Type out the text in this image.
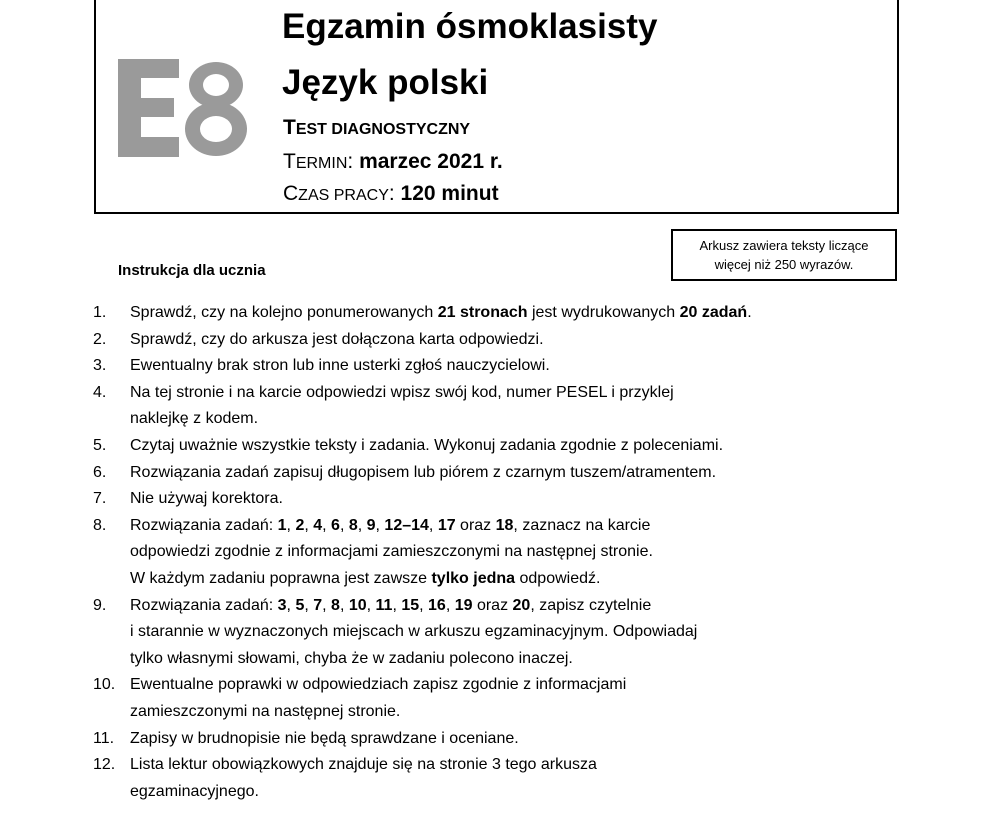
Egzamin ósmoklasisty
Język polski
TEST DIAGNOSTYCZNY
TERMIN: marzec 2021 r.
CZAS PRACY: 120 minut
Arkusz zawiera teksty liczące
więcej niż 250 wyrazów.
Instrukcja dla ucznia
1.	Sprawdź, czy na kolejno ponumerowanych 21 stronach jest wydrukowanych 20 zadań.
2.	Sprawdź, czy do arkusza jest dołączona karta odpowiedzi.
3.	Ewentualny brak stron lub inne usterki zgłoś nauczycielowi.
4.	Na tej stronie i na karcie odpowiedzi wpisz swój kod, numer PESEL i przyklej
naklejkę z kodem.
5.	Czytaj uważnie wszystkie teksty i zadania. Wykonuj zadania zgodnie z poleceniami.
6.	Rozwiązania zadań zapisuj długopisem lub piórem z czarnym tuszem/atramentem.
7.	Nie używaj korektora.
8.	Rozwiązania zadań: 1, 2, 4, 6, 8, 9, 12–14, 17 oraz 18, zaznacz na karcie
odpowiedzi zgodnie z informacjami zamieszczonymi na następnej stronie.
W każdym zadaniu poprawna jest zawsze tylko jedna odpowiedź.
9.	Rozwiązania zadań: 3, 5, 7, 8, 10, 11, 15, 16, 19 oraz 20, zapisz czytelnie
i starannie w wyznaczonych miejscach w arkuszu egzaminacyjnym. Odpowiadaj
tylko własnymi słowami, chyba że w zadaniu polecono inaczej.
10. Ewentualne poprawki w odpowiedziach zapisz zgodnie z informacjami
zamieszczonymi na następnej stronie.
11. Zapisy w brudnopisie nie będą sprawdzane i oceniane.
12. Lista lektur obowiązkowych znajduje się na stronie 3 tego arkusza
egzaminacyjnego.
